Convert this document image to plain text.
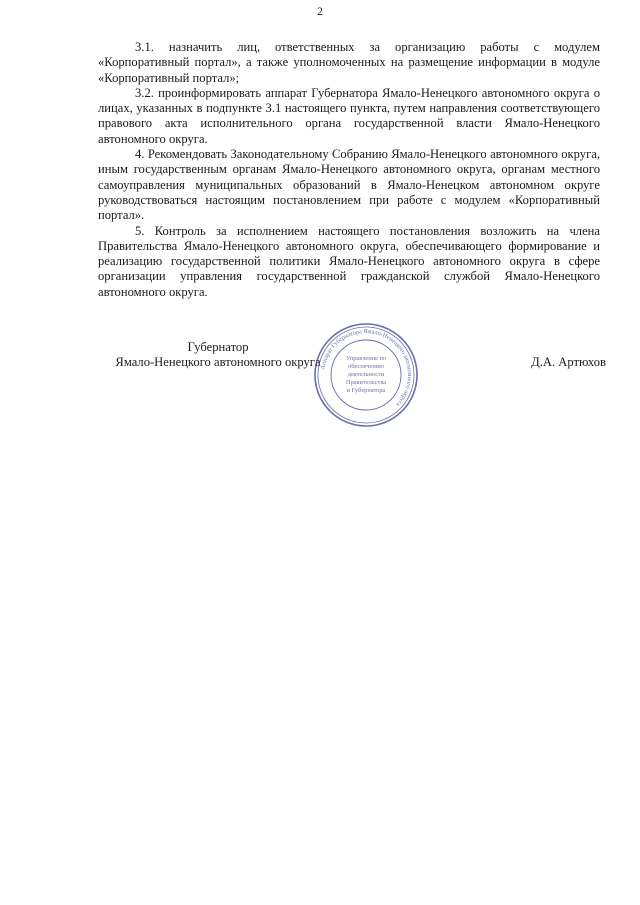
2

3.1. назначить лиц, ответственных за организацию работы с модулем «Корпоративный портал», а также уполномоченных на размещение информации в модуле «Корпоративный портал»;

3.2. проинформировать аппарат Губернатора Ямало-Ненецкого автономного округа о лицах, указанных в подпункте 3.1 настоящего пункта, путем направления соответствующего правового акта исполнительного органа государственной власти Ямало-Ненецкого автономного округа.

4. Рекомендовать Законодательному Собранию Ямало-Ненецкого автономного округа, иным государственным органам Ямало-Ненецкого автономного округа, органам местного самоуправления муниципальных образований в Ямало-Ненецком автономном округе руководствоваться настоящим постановлением при работе с модулем «Корпоративный портал».

5. Контроль за исполнением настоящего постановления возложить на члена Правительства Ямало-Ненецкого автономного округа, обеспечивающего формирование и реализацию государственной политики Ямало-Ненецкого автономного округа в сфере организации управления государственной гражданской службой Ямало-Ненецкого автономного округа.

Губернатор
Ямало-Ненецкого автономного округа	Д.А. Артюхов
Аппарат Губернатора Ямало-Ненецкого автономного округа
Управление по
обеспечению
деятельности
Правительства
и Губернатора
